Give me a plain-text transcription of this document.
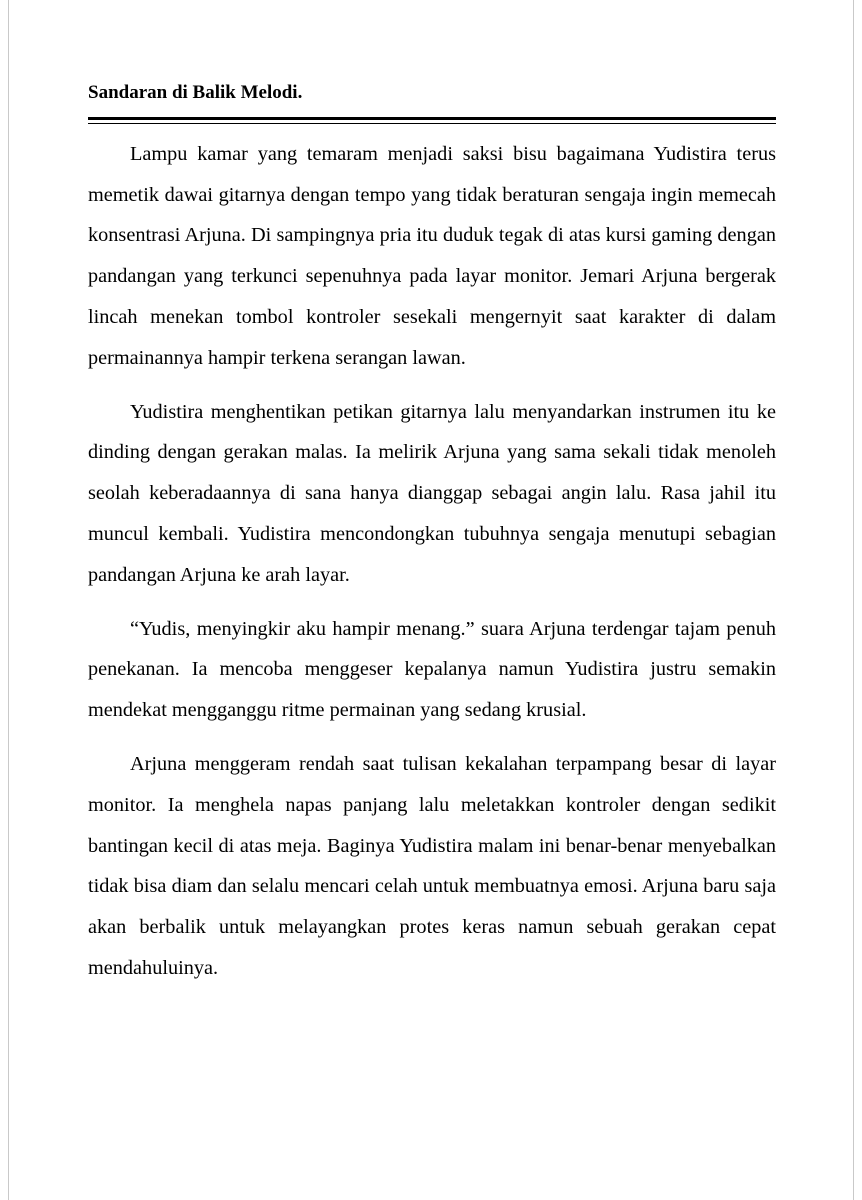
Sandaran di Balik Melodi.

Lampu kamar yang temaram menjadi saksi bisu bagaimana Yudistira terus memetik dawai gitarnya dengan tempo yang tidak beraturan sengaja ingin memecah konsentrasi Arjuna. Di sampingnya pria itu duduk tegak di atas kursi gaming dengan pandangan yang terkunci sepenuhnya pada layar monitor. Jemari Arjuna bergerak lincah menekan tombol kontroler sesekali mengernyit saat karakter di dalam permainannya hampir terkena serangan lawan.

Yudistira menghentikan petikan gitarnya lalu menyandarkan instrumen itu ke dinding dengan gerakan malas. Ia melirik Arjuna yang sama sekali tidak menoleh seolah keberadaannya di sana hanya dianggap sebagai angin lalu. Rasa jahil itu muncul kembali. Yudistira mencondongkan tubuhnya sengaja menutupi sebagian pandangan Arjuna ke arah layar.

“Yudis, menyingkir aku hampir menang.” suara Arjuna terdengar tajam penuh penekanan. Ia mencoba menggeser kepalanya namun Yudistira justru semakin mendekat mengganggu ritme permainan yang sedang krusial.

Arjuna menggeram rendah saat tulisan kekalahan terpampang besar di layar monitor. Ia menghela napas panjang lalu meletakkan kontroler dengan sedikit bantingan kecil di atas meja. Baginya Yudistira malam ini benar-benar menyebalkan tidak bisa diam dan selalu mencari celah untuk membuatnya emosi. Arjuna baru saja akan berbalik untuk melayangkan protes keras namun sebuah gerakan cepat mendahuluinya.
